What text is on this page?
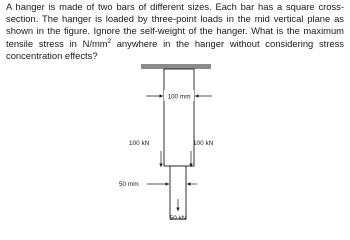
A hanger is made of two bars of different sizes. Each bar has a square cross-section. The hanger is loaded by three-point loads in the mid vertical plane as shown in the figure. Ignore the self-weight of the hanger. What is the maximum tensile stress in $N/mm^2$ anywhere in the hanger without considering stress concentration effects?

100 mm
100 kN	100 kN
50 mm
50 kN
